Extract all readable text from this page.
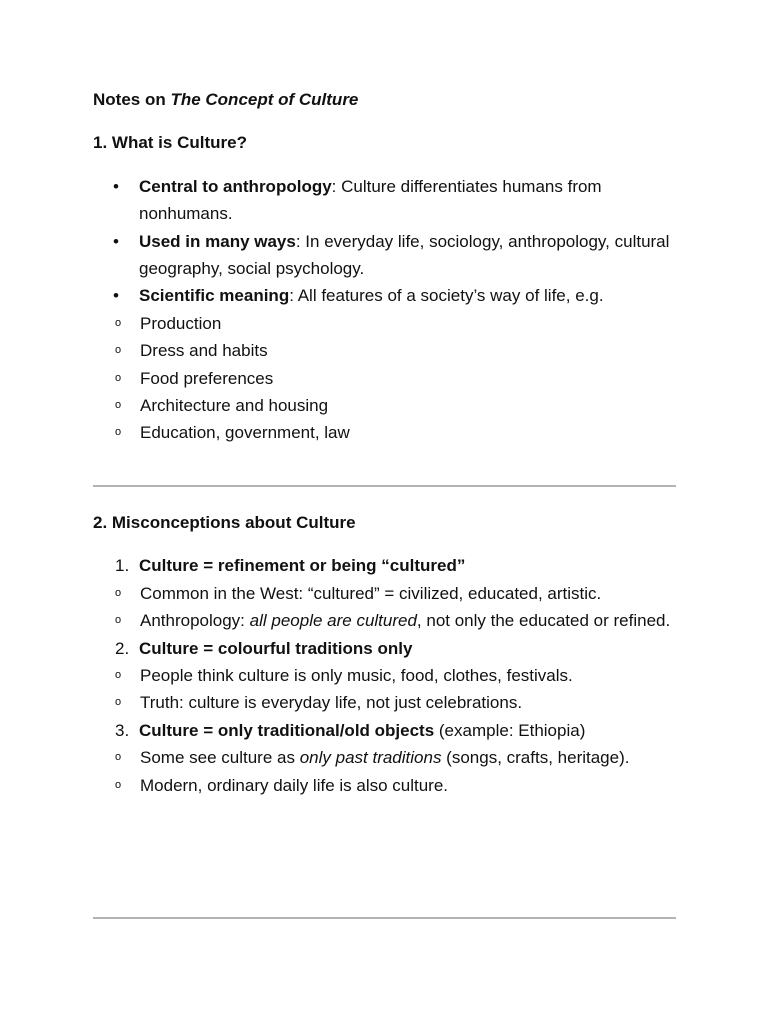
Notes on The Concept of Culture
1. What is Culture?
•	Central to anthropology: Culture differentiates humans from nonhumans.
•	Used in many ways: In everyday life, sociology, anthropology, cultural geography, social psychology.
•	Scientific meaning: All features of a society’s way of life, e.g.
o	Production
o	Dress and habits
o	Food preferences
o	Architecture and housing
o	Education, government, law
2. Misconceptions about Culture
1. Culture = refinement or being “cultured”
o	Common in the West: “cultured” = civilized, educated, artistic.
o	Anthropology: all people are cultured, not only the educated or refined.
2. Culture = colourful traditions only
o	People think culture is only music, food, clothes, festivals.
o	Truth: culture is everyday life, not just celebrations.
3. Culture = only traditional/old objects (example: Ethiopia)
o	Some see culture as only past traditions (songs, crafts, heritage).
o	Modern, ordinary daily life is also culture.
